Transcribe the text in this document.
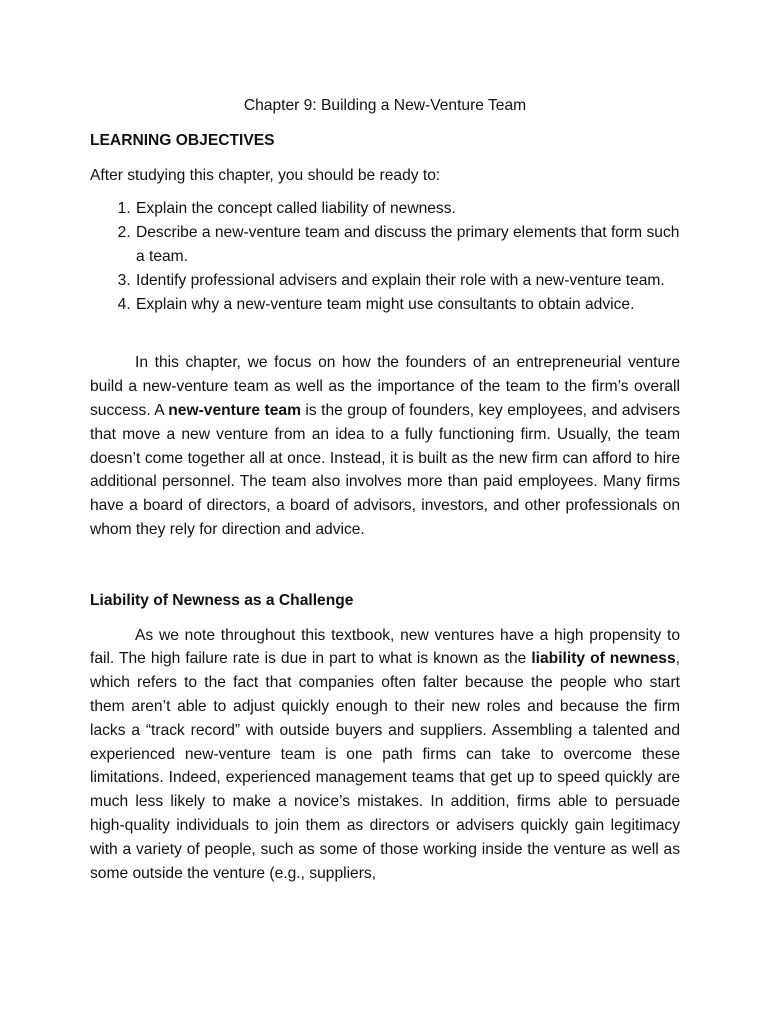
Chapter 9: Building a New-Venture Team

LEARNING OBJECTIVES

After studying this chapter, you should be ready to:

1. Explain the concept called liability of newness.
2. Describe a new-venture team and discuss the primary elements that form such a team.
3. Identify professional advisers and explain their role with a new-venture team.
4. Explain why a new-venture team might use consultants to obtain advice.

In this chapter, we focus on how the founders of an entrepreneurial venture build a new-venture team as well as the importance of the team to the firm’s overall success. A new-venture team is the group of founders, key employees, and advisers that move a new venture from an idea to a fully functioning firm. Usually, the team doesn’t come together all at once. Instead, it is built as the new firm can afford to hire additional personnel. The team also involves more than paid employees. Many firms have a board of directors, a board of advisors, investors, and other professionals on whom they rely for direction and advice.

Liability of Newness as a Challenge

As we note throughout this textbook, new ventures have a high propensity to fail. The high failure rate is due in part to what is known as the liability of newness, which refers to the fact that companies often falter because the people who start them aren’t able to adjust quickly enough to their new roles and because the firm lacks a “track record” with outside buyers and suppliers. Assembling a talented and experienced new-venture team is one path firms can take to overcome these limitations. Indeed, experienced management teams that get up to speed quickly are much less likely to make a novice’s mistakes. In addition, firms able to persuade high-quality individuals to join them as directors or advisers quickly gain legitimacy with a variety of people, such as some of those working inside the venture as well as some outside the venture (e.g., suppliers,
